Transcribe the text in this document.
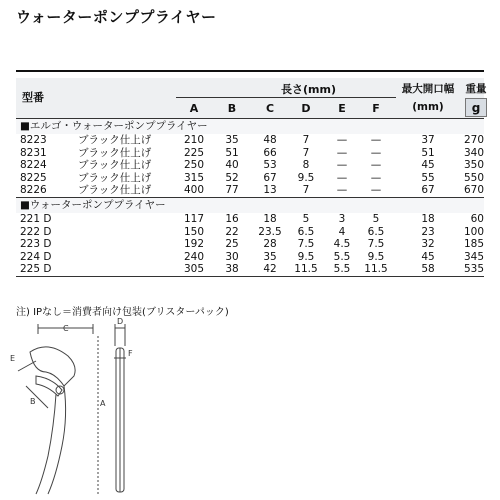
ウォーターポンププライヤー
型番
長さ(mm)
A	B	C	D	E	F
最大開口幅
(mm)
重量
g
■エルゴ・ウォーターポンププライヤー
8223	ブラック仕上げ	210	35	48	7	—	—	37	270
8231	ブラック仕上げ	225	51	66	7	—	—	51	340
8224	ブラック仕上げ	250	40	53	8	—	—	45	350
8225	ブラック仕上げ	315	52	67	9.5	—	—	55	550
8226	ブラック仕上げ	400	77	13	7	—	—	67	670
■ウォーターポンププライヤー
221 D	117	16	18	5	3	5	18	60
222 D	150	22	23.5	6.5	4	6.5	23	100
223 D	192	25	28	7.5	4.5	7.5	32	185
224 D	240	30	35	9.5	5.5	9.5	45	345
225 D	305	38	42	11.5	5.5	11.5	58	535
注) IPなし＝消費者向け包装(ブリスターパック)
C
D
E
F
B	A
